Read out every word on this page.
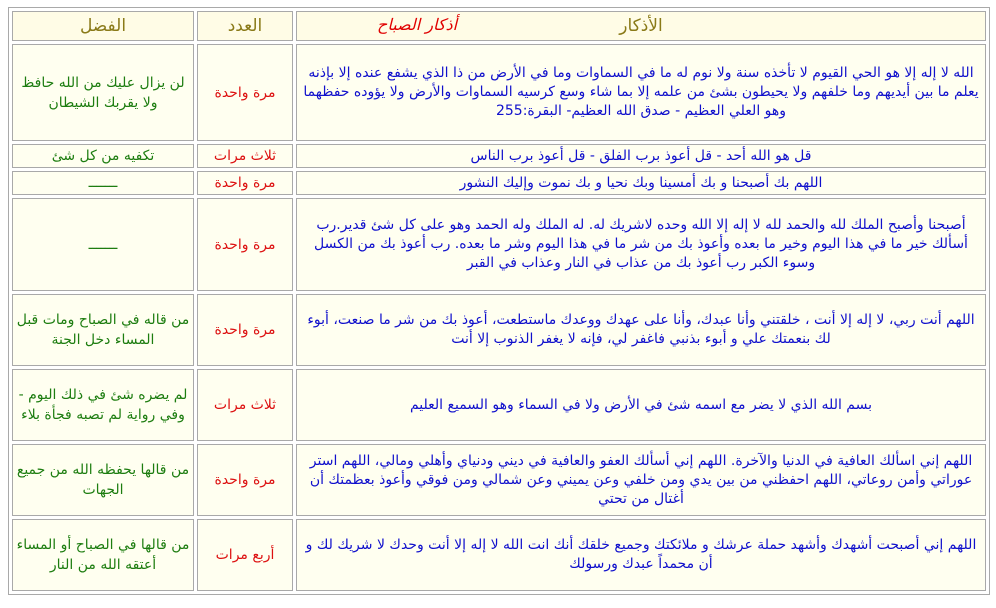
الفضل	العدد	أذكار الصباح الأذكار
لن يزال عليك من الله حافظ ولا يقربك الشيطان	مرة واحدة	الله لا إله إلا هو الحي القيوم لا تأخذه سنة ولا نوم له ما في السماوات وما في الأرض من ذا الذي يشفع عنده إلا بإذنه يعلم ما بين أيديهم وما خلفهم ولا يحيطون بشئ من علمه إلا بما شاء وسع كرسيه السماوات والأرض ولا يؤوده حفظهما وهو العلي العظيم - صدق الله العظيم- البقرة:255
تكفيه من كل شئ	ثلاث مرات	قل هو الله أحد - قل أعوذ برب الفلق - قل أعوذ برب الناس
ـــــــ	مرة واحدة	اللهم بك أصبحنا و بك أمسينا وبك نحيا و بك نموت وإليك النشور
ـــــــ	مرة واحدة	أصبحنا وأصبح الملك لله والحمد لله لا إله إلا الله وحده لاشريك له. له الملك وله الحمد وهو على كل شئ قدير.رب أسألك خير ما في هذا اليوم وخير ما بعده وأعوذ بك من شر ما في هذا اليوم وشر ما بعده. رب أعوذ بك من الكسل وسوء الكبر رب أعوذ بك من عذاب في النار وعذاب في القبر
من قاله في الصباح ومات قبل المساء دخل الجنة	مرة واحدة	اللهم أنت ربي، لا إله إلا أنت ، خلقتني وأنا عبدك، وأنا على عهدك ووعدك ماستطعت، أعوذ بك من شر ما صنعت، أبوء لك بنعمتك علي و أبوء بذنبي فاغفر لي، فإنه لا يغفر الذنوب إلا أنت
لم يضره شئ في ذلك اليوم - وفي رواية لم تصبه فجأة بلاء	ثلاث مرات	بسم الله الذي لا يضر مع اسمه شئ في الأرض ولا في السماء وهو السميع العليم
من قالها يحفظه الله من جميع الجهات	مرة واحدة	اللهم إني اسألك العافية في الدنيا والآخرة. اللهم إني أسألك العفو والعافية في ديني ودنياي وأهلي ومالي، اللهم استر عوراتي وأمن روعاتي، اللهم احفظني من بين يدي ومن خلفي وعن يميني وعن شمالي ومن فوقي وأعوذ بعظمتك أن أغتال من تحتي
من قالها في الصباح أو المساء أعتقه الله من النار	أربع مرات	اللهم إني أصبحت أشهدك وأشهد حملة عرشك و ملائكتك وجميع خلقك أنك انت الله لا إله إلا أنت وحدك لا شريك لك و أن محمداً عبدك ورسولك
